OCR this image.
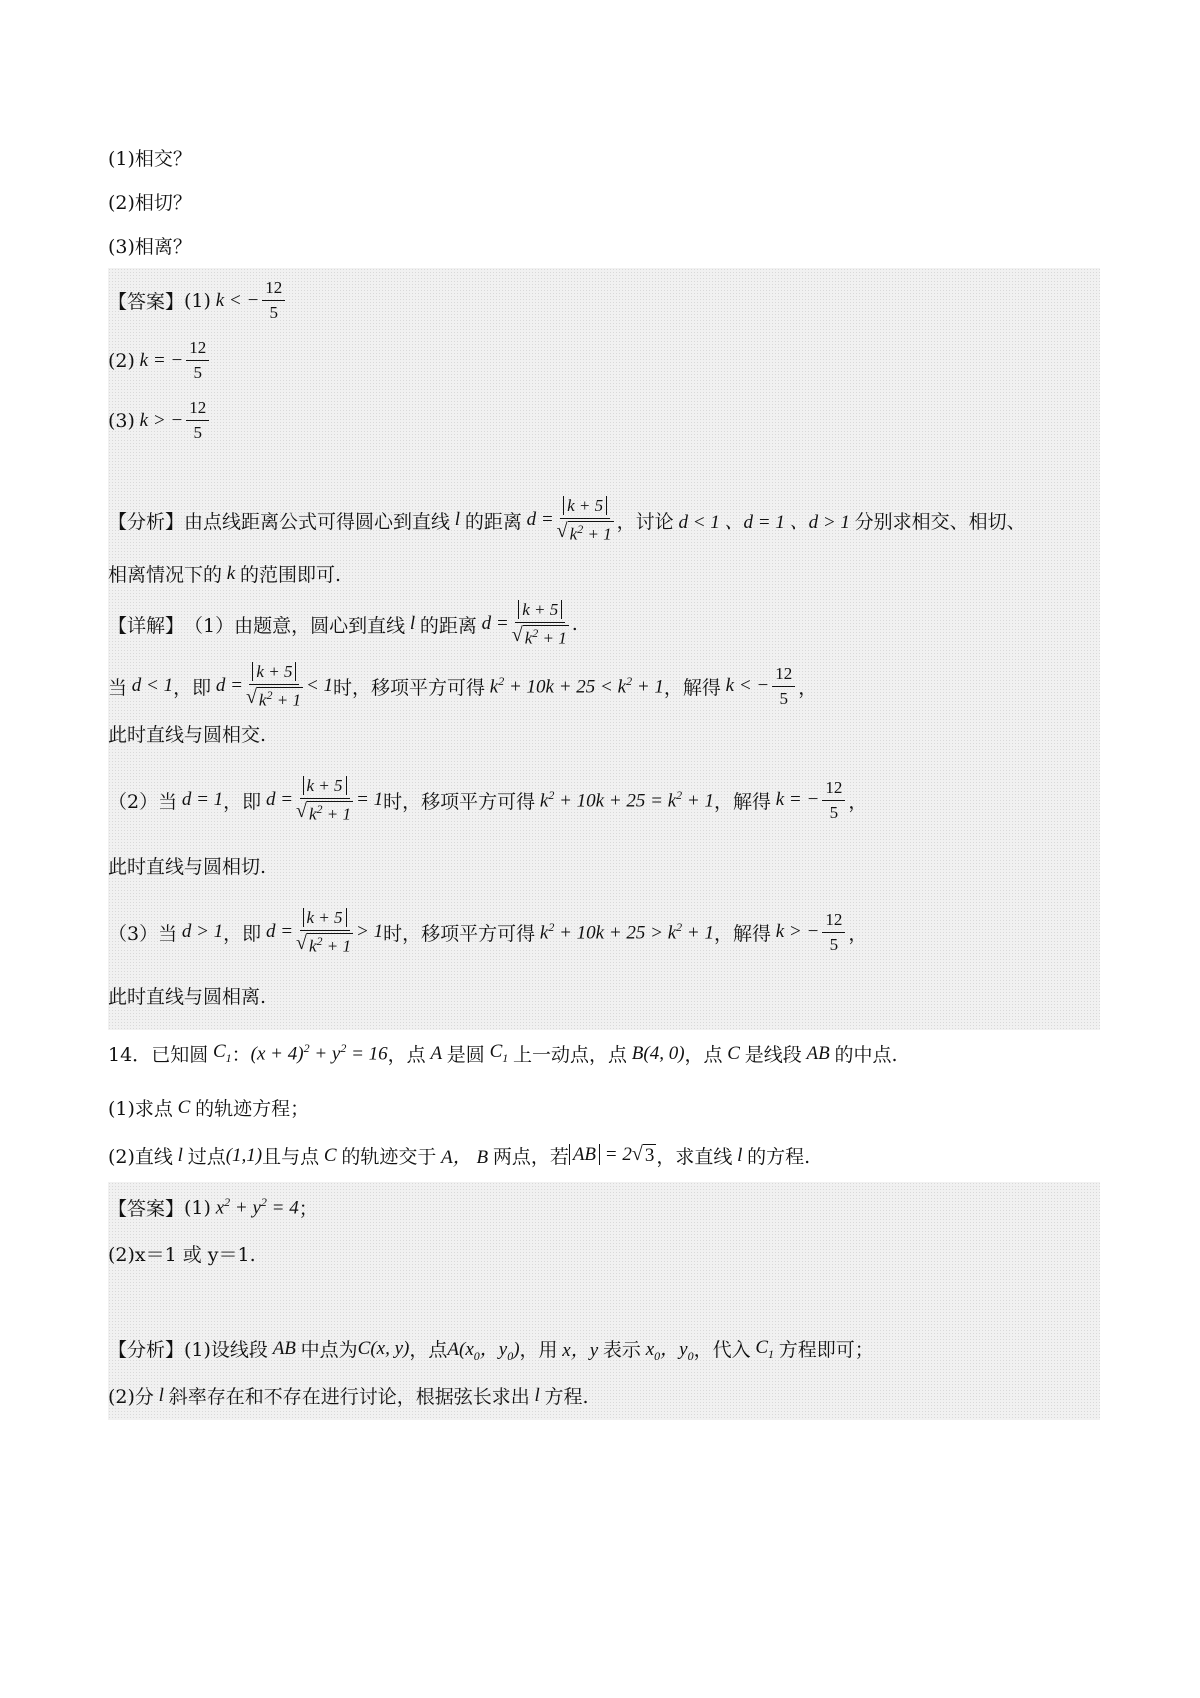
(1)相交？
(2)相切？
(3)相离？
【答案】 (1) k < − $\frac{12}{5}$
(2) k = − $\frac{12}{5}$
(3) k > − $\frac{12}{5}$
【分析】 由点线距离公式可得圆心到直线 l 的距离 $d = \frac{k + 5}{√ k^2 + 1}$ ，讨论 d < 1 、d = 1 、d > 1 分别求相交、相切、
相离情况下的 k 的范围即可.
【详解】 （1）由题意，圆心到直线 l 的距离 $d = \frac{k + 5}{√ k^2 + 1}$ .
当 d < 1 ，即 $d = \frac{k + 5}{√ k^2 + 1} < 1$ 时，移项平方可得 $k^2 + 10k + 25 < k^2 + 1$ ，解得 k < − $\frac{12}{5}$ ，
此时直线与圆相交.
（2）当 d = 1 ，即 $d = \frac{k + 5}{√ k^2 + 1} = 1$ 时，移项平方可得 $k^2 + 10k + 25 = k^2 + 1$ ，解得 k = − $\frac{12}{5}$ ，
此时直线与圆相切.
（3）当 d > 1 ，即 $d = \frac{k + 5}{√ k^2 + 1} > 1$ 时，移项平方可得 $k^2 + 10k + 25 > k^2 + 1$ ，解得 k > − $\frac{12}{5}$ ，
此时直线与圆相离.
14． 已知圆 $C_1$ ： $(x + 4)^2 + y^2 = 16$ ，点 A 是圆 $C_1$ 上一动点，点 B(4, 0) ，点 C 是线段 AB 的中点.
(1)求点 C 的轨迹方程；
(2)直线 l 过点 (1,1) 且与点 C 的轨迹交于 A， B 两点，若 AB = 2 √ 3 ，求直线 l 的方程.
【答案】 (1) $x^2 + y^2 = 4$ ；
(2)x＝1 或 y＝1.
【分析】 (1)设线段 AB 中点为 C(x, y) ，点 $A(x_0$，$y_0$) ，用 x，y 表示 $x_0$，$y_0$ ，代入 $C_1$ 方程即可；
(2)分 l 斜率存在和不存在进行讨论，根据弦长求出 l 方程.
